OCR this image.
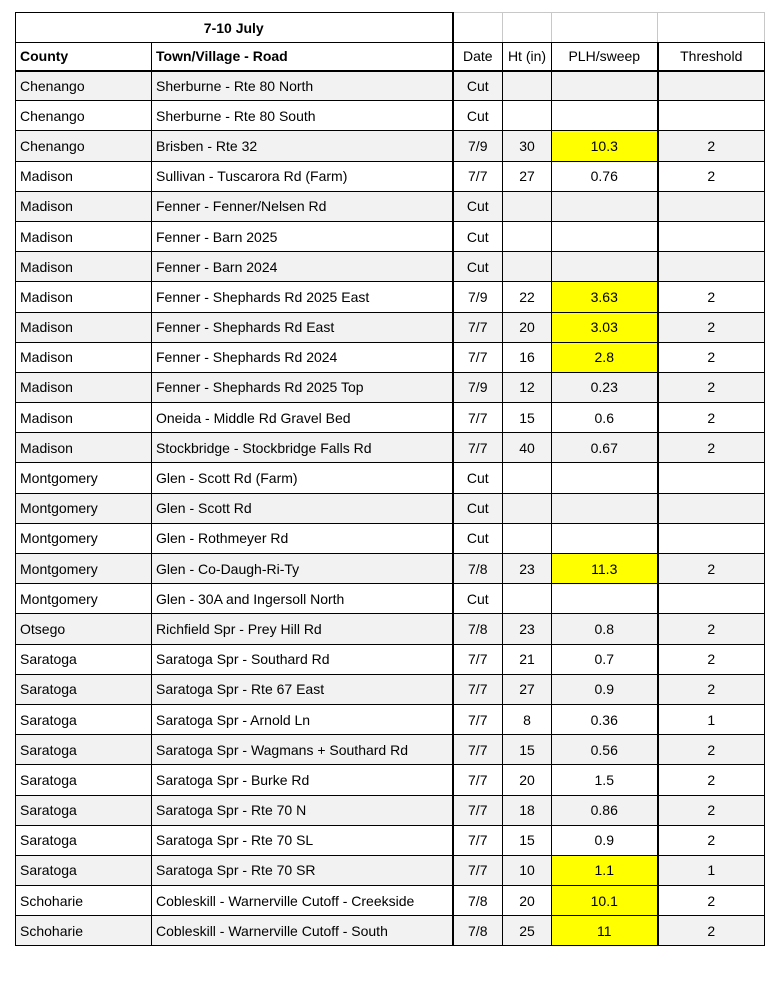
7-10 July					
County	Town/Village - Road	Date	Ht (in)	PLH/sweep	Threshold
Chenango	Sherburne - Rte 80 North	Cut			
Chenango	Sherburne - Rte 80 South	Cut			
Chenango	Brisben - Rte 32	7/9	30	10.3	2
Madison	Sullivan - Tuscarora Rd (Farm)	7/7	27	0.76	2
Madison	Fenner - Fenner/Nelsen Rd	Cut			
Madison	Fenner - Barn 2025	Cut			
Madison	Fenner - Barn 2024	Cut			
Madison	Fenner - Shephards Rd 2025 East	7/9	22	3.63	2
Madison	Fenner - Shephards Rd East	7/7	20	3.03	2
Madison	Fenner - Shephards Rd 2024	7/7	16	2.8	2
Madison	Fenner - Shephards Rd 2025 Top	7/9	12	0.23	2
Madison	Oneida - Middle Rd Gravel Bed	7/7	15	0.6	2
Madison	Stockbridge - Stockbridge Falls Rd	7/7	40	0.67	2
Montgomery	Glen - Scott Rd (Farm)	Cut			
Montgomery	Glen - Scott Rd	Cut			
Montgomery	Glen - Rothmeyer Rd	Cut			
Montgomery	Glen - Co-Daugh-Ri-Ty	7/8	23	11.3	2
Montgomery	Glen - 30A and Ingersoll North	Cut			
Otsego	Richfield Spr - Prey Hill Rd	7/8	23	0.8	2
Saratoga	Saratoga Spr - Southard Rd	7/7	21	0.7	2
Saratoga	Saratoga Spr - Rte 67 East	7/7	27	0.9	2
Saratoga	Saratoga Spr - Arnold Ln	7/7	8	0.36	1
Saratoga	Saratoga Spr - Wagmans + Southard Rd	7/7	15	0.56	2
Saratoga	Saratoga Spr - Burke Rd	7/7	20	1.5	2
Saratoga	Saratoga Spr - Rte 70 N	7/7	18	0.86	2
Saratoga	Saratoga Spr - Rte 70 SL	7/7	15	0.9	2
Saratoga	Saratoga Spr - Rte 70 SR	7/7	10	1.1	1
Schoharie	Cobleskill - Warnerville Cutoff - Creekside	7/8	20	10.1	2
Schoharie	Cobleskill - Warnerville Cutoff - South	7/8	25	11	2
